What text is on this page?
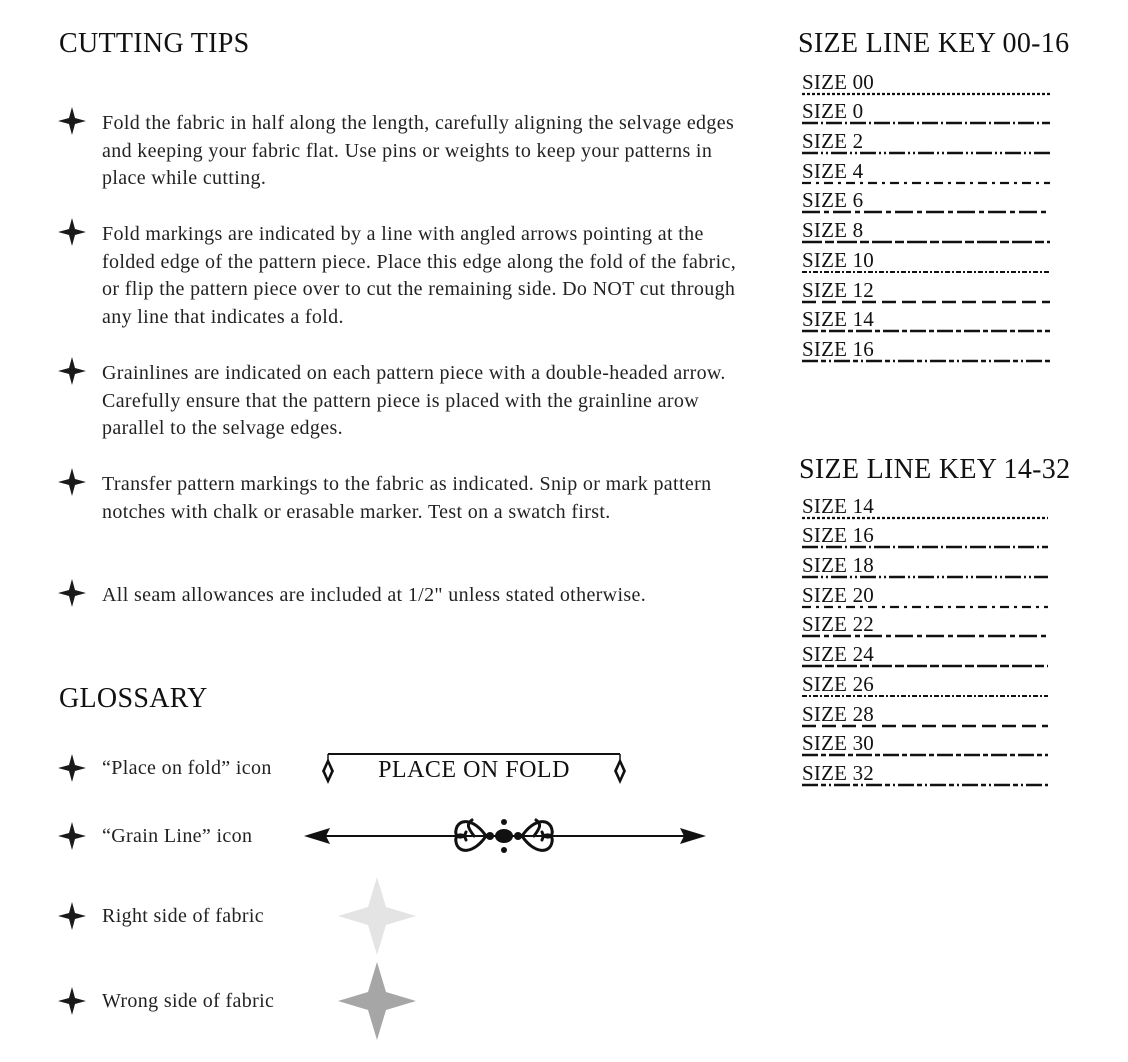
CUTTING TIPS
Fold the fabric in half along the length, carefully aligning the selvage edges and keeping your fabric flat. Use pins or weights to keep your patterns in place while cutting.
Fold markings are indicated by a line with angled arrows pointing at the folded edge of the pattern piece. Place this edge along the fold of the fabric, or flip the pattern piece over to cut the remaining side. Do NOT cut through any line that indicates a fold.
Grainlines are indicated on each pattern piece with a double-headed arrow. Carefully ensure that the pattern piece is placed with the grainline arow parallel to the selvage edges.
Transfer pattern markings to the fabric as indicated. Snip or mark pattern notches with chalk or erasable marker. Test on a swatch first.
All seam allowances are included at 1/2" unless stated otherwise.
GLOSSARY
“Place on fold” icon	PLACE ON FOLD
“Grain Line” icon
Right side of fabric
Wrong side of fabric
SIZE LINE KEY 00-16
SIZE 00
SIZE 0
SIZE 2
SIZE 4
SIZE 6
SIZE 8
SIZE 10
SIZE 12
SIZE 14
SIZE 16
SIZE LINE KEY 14-32
SIZE 14
SIZE 16
SIZE 18
SIZE 20
SIZE 22
SIZE 24
SIZE 26
SIZE 28
SIZE 30
SIZE 32
